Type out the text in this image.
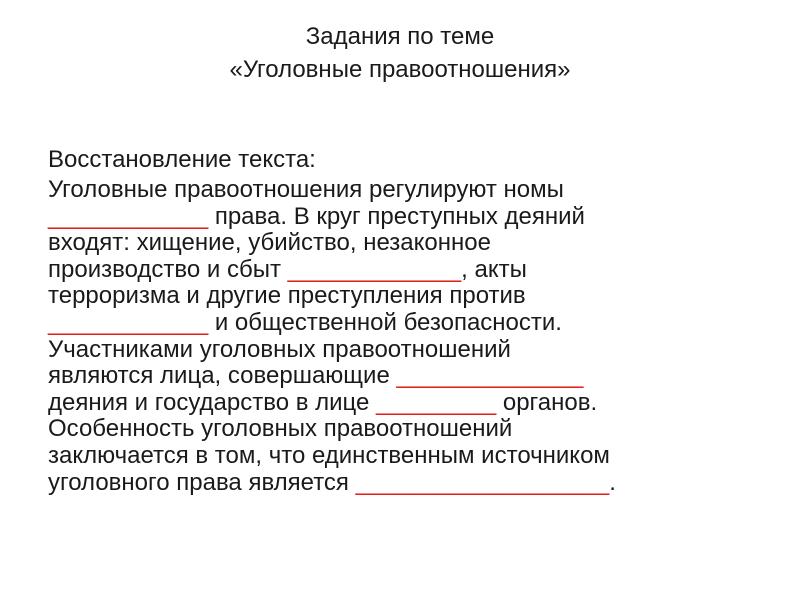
Задания по теме
«Уголовные правоотношения»
Восстановление текста:
Уголовные правоотношения регулируют номы
____________ права. В круг преступных деяний
входят: хищение, убийство, незаконное
производство и сбыт _____________, акты
терроризма и другие преступления против
____________ и общественной безопасности.
Участниками уголовных правоотношений
являются лица, совершающие ______________
деяния и государство в лице _________ органов.
Особенность уголовных правоотношений
заключается в том, что единственным источником
уголовного права является ___________________.
